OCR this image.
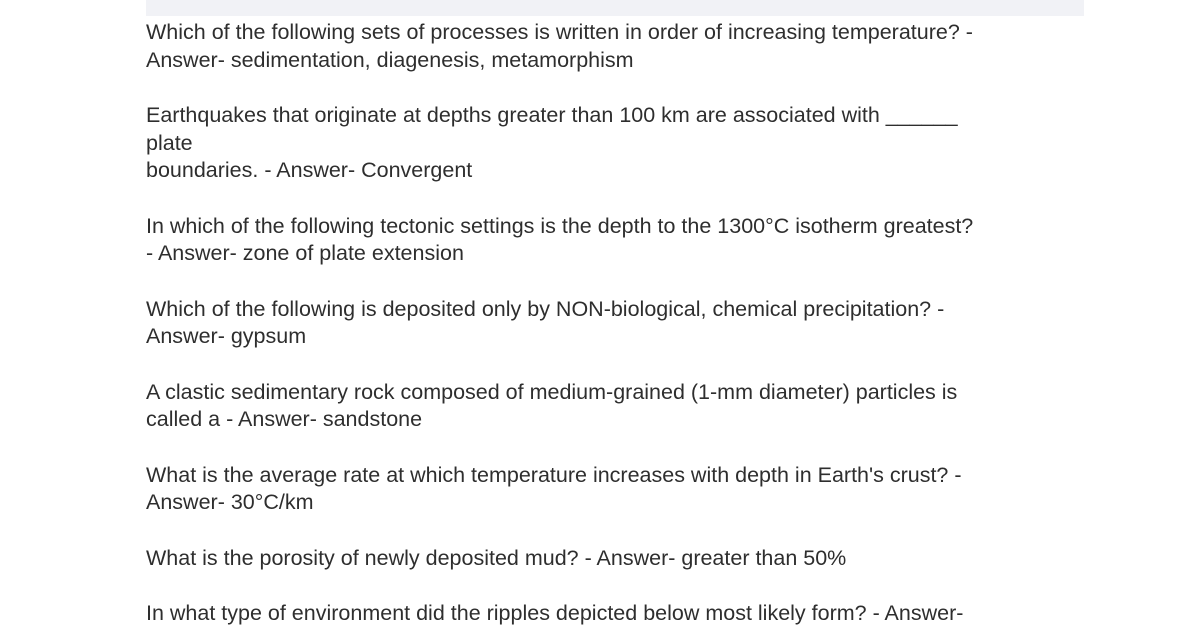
Which of the following sets of processes is written in order of increasing temperature? -
Answer- sedimentation, diagenesis, metamorphism
Earthquakes that originate at depths greater than 100 km are associated with ______
plate
boundaries. - Answer- Convergent
In which of the following tectonic settings is the depth to the 1300°C isotherm greatest?
- Answer- zone of plate extension
Which of the following is deposited only by NON-biological, chemical precipitation? -
Answer- gypsum
A clastic sedimentary rock composed of medium-grained (1-mm diameter) particles is
called a - Answer- sandstone
What is the average rate at which temperature increases with depth in Earth's crust? -
Answer- 30°C/km
What is the porosity of newly deposited mud? - Answer- greater than 50%
In what type of environment did the ripples depicted below most likely form? - Answer-
